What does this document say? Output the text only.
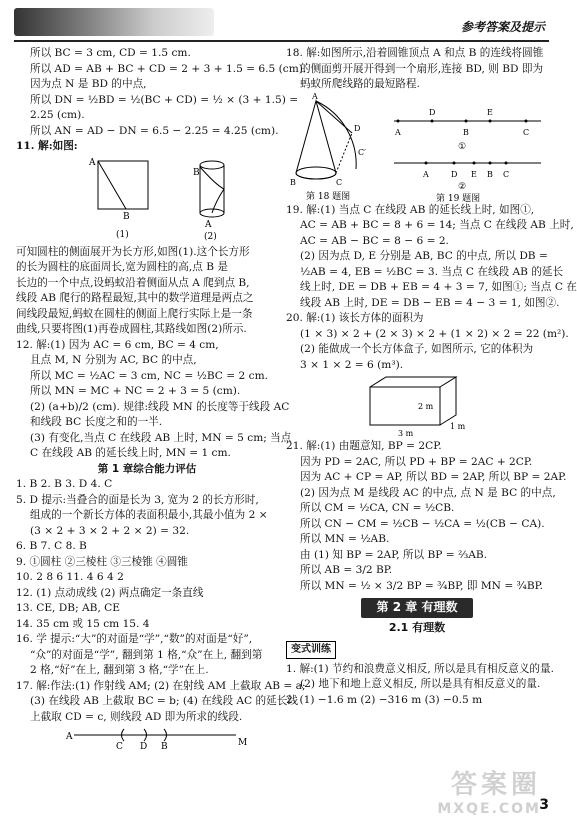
参考答案及提示
所以 BC = 3 cm, CD = 1.5 cm.
所以 AD = AB + BC + CD = 2 + 3 + 1.5 = 6.5 (cm).
因为点 N 是 BD 的中点,
所以 DN = ½BD = ½(BC + CD) = ½ × (3 + 1.5) =
2.25 (cm).
所以 AN = AD − DN = 6.5 − 2.25 = 4.25 (cm).
11. 解:如图:
A
B
(1)
B
A
(2)
可知圆柱的侧面展开为长方形,如图(1).这个长方形
的长为圆柱的底面周长,宽为圆柱的高,点 B 是
长边的一个中点,设蚂蚁沿着侧面从点 A 爬到点 B,
线段 AB 爬行的路程最短,其中的数学道理是两点之
间线段最短,蚂蚁在圆柱的侧面上爬行实际上是一条
曲线,只要将图(1)再卷成圆柱,其路线如图(2)所示.
12. 解:(1) 因为 AC = 6 cm, BC = 4 cm,
且点 M, N 分别为 AC, BC 的中点,
所以 MC = ½AC = 3 cm, NC = ½BC = 2 cm.
所以 MN = MC + NC = 2 + 3 = 5 (cm).
(2) (a+b)/2 (cm). 规律:线段 MN 的长度等于线段 AC
和线段 BC 长度之和的一半.
(3) 有变化,当点 C 在线段 AB 上时, MN = 5 cm; 当点
C 在线段 AB 的延长线上时, MN = 1 cm.
第 1 章综合能力评估
1. B 2. B 3. D 4. C
5. D 提示:当叠合的面是长为 3, 宽为 2 的长方形时,
组成的一个新长方体的表面积最小,其最小值为 2 ×
(3 × 2 + 3 × 2 + 2 × 2) = 32.
6. B 7. C 8. B
9. ①圆柱 ②三棱柱 ③三棱锥 ④圆锥
10. 2 8 6 11. 4 6 4 2
12. (1) 点动成线 (2) 两点确定一条直线
13. CE, DB; AB, CE
14. 35 cm 或 15 cm 15. 4
16. 学 提示:“大”的对面是“学”,“数”的对面是“好”,
“众”的对面是“学”, 翻到第 1 格,“众”在上, 翻到第
2 格,“好”在上, 翻到第 3 格,“学”在上.
17. 解:作法:(1) 作射线 AM; (2) 在射线 AM 上截取 AB = a;
(3) 在线段 AB 上截取 BC = b; (4) 在线段 AC 的延长线
上截取 CD = c, 则线段 AD 即为所求的线段.
A
C D B	M
18. 解:如图所示,沿着圆锥顶点 A 和点 B 的连线将圆锥
的侧面剪开展开得到一个扇形,连接 BD, 则 BD 即为
蚂蚁所爬线路的最短路程.
A
B	C
D
C′
第 18 题图
A
D
B
E
C
①
A	D E B C
②
第 19 题图
19. 解:(1) 当点 C 在线段 AB 的延长线上时, 如图①,
AC = AB + BC = 8 + 6 = 14; 当点 C 在线段 AB 上时,
AC = AB − BC = 8 − 6 = 2.
(2) 因为点 D, E 分别是 AB, BC 的中点, 所以 DB =
½AB = 4, EB = ½BC = 3. 当点 C 在线段 AB 的延长
线上时, DE = DB + EB = 4 + 3 = 7, 如图①; 当点 C 在
线段 AB 上时, DE = DB − EB = 4 − 3 = 1, 如图②.
20. 解:(1) 该长方体的面积为
(1 × 3) × 2 + (2 × 3) × 2 + (1 × 2) × 2 = 22 (m²).
(2) 能做成一个长方体盒子, 如图所示, 它的体积为
3 × 1 × 2 = 6 (m³).
2 m
1 m
3 m
21. 解:(1) 由题意知, BP = 2CP.
因为 PD = 2AC, 所以 PD + BP = 2AC + 2CP.
因为 AC + CP = AP, 所以 BD = 2AP, 所以 BP = 2AP.
(2) 因为点 M 是线段 AC 的中点, 点 N 是 BC 的中点,
所以 CM = ½CA, CN = ½CB.
所以 CN − CM = ½CB − ½CA = ½(CB − CA).
所以 MN = ½AB.
由 (1) 知 BP = 2AP, 所以 BP = ⅔AB.
所以 AB = 3/2 BP.
所以 MN = ½ × 3/2 BP = ¾BP, 即 MN = ¾BP.
第 2 章 有理数
2.1 有理数
变式训练
1. 解:(1) 节约和浪费意义相反, 所以是具有相反意义的量.
(2) 地下和地上意义相反, 所以是具有相反意义的量.
2. (1) −1.6 m (2) −316 m (3) −0.5 m
答案圈
MXQE.COM
3
